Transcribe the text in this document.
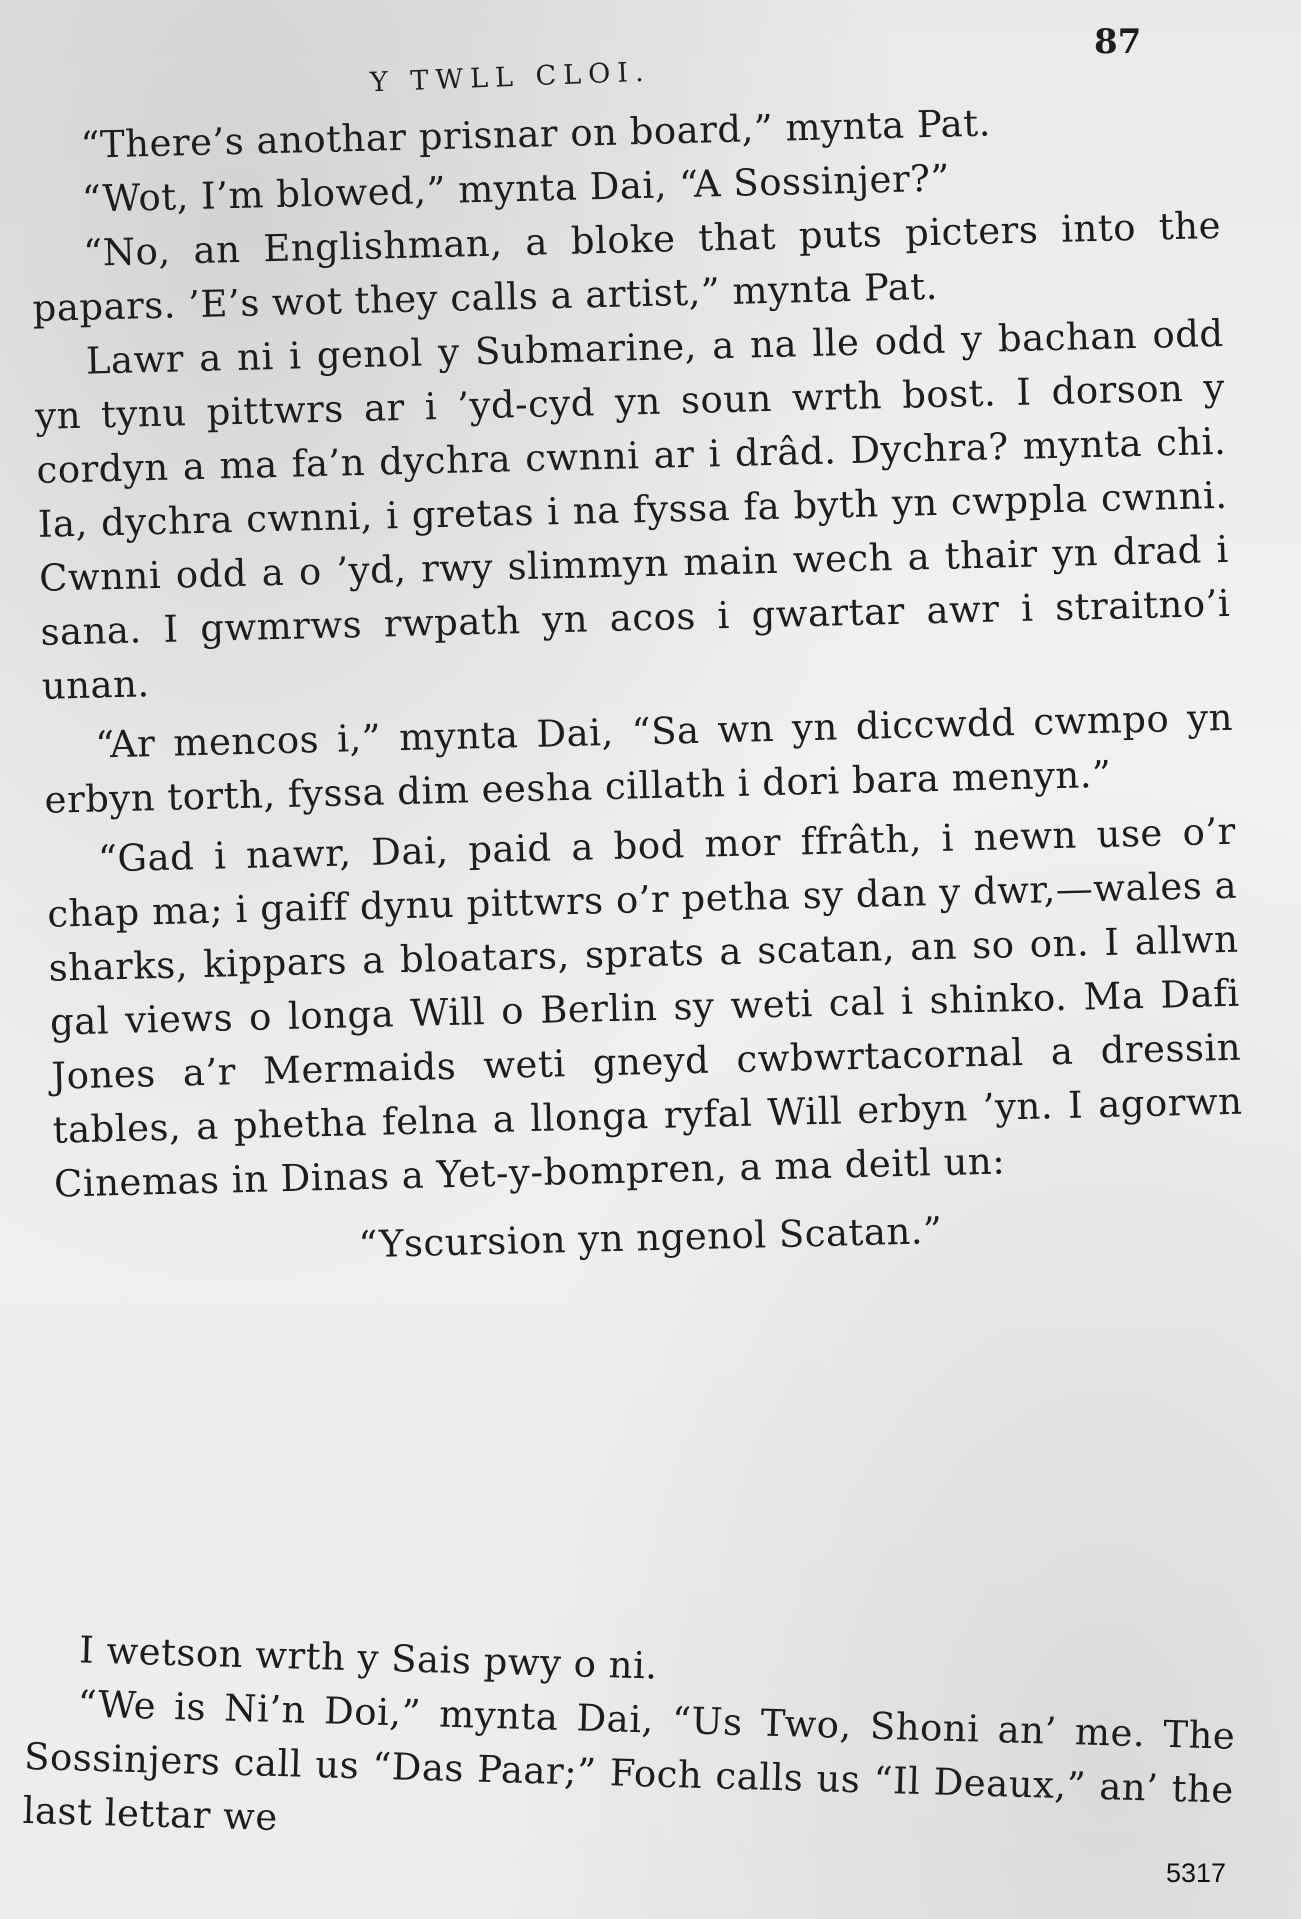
87
Y TWLL CLOI.

“There’s anothar prisnar on board,” mynta Pat.

“Wot, I’m blowed,” mynta Dai, “A Sossinjer?”

“No, an Englishman, a bloke that puts picters into the papars. ’E’s wot they calls a artist,” mynta Pat.

Lawr a ni i genol y Submarine, a na lle odd y bachan odd yn tynu pittwrs ar i ’yd-cyd yn soun wrth bost. I dorson y cordyn a ma fa’n dychra cwnni ar i drâd. Dychra? mynta chi. Ia, dychra cwnni, i gretas i na fyssa fa byth yn cwppla cwnni. Cwnni odd a o ’yd, rwy slimmyn main wech a thair yn drad i sana. I gwmrws rwpath yn acos i gwartar awr i straitno’i unan.

“Ar mencos i,” mynta Dai, “Sa wn yn diccwdd cwmpo yn erbyn torth, fyssa dim eesha cillath i dori bara menyn.”

“Gad i nawr, Dai, paid a bod mor ffrâth, i newn use o’r chap ma; i gaiff dynu pittwrs o’r petha sy dan y dwr,—wales a sharks, kippars a bloatars, sprats a scatan, an so on. I allwn gal views o longa Will o Berlin sy weti cal i shinko. Ma Dafi Jones a’r Mermaids weti gneyd cwbwrtacornal a dressin tables, a phetha felna a llonga ryfal Will erbyn ’yn. I agorwn Cinemas in Dinas a Yet-y-bompren, a ma deitl un:

“Yscursion yn ngenol Scatan.”

I wetson wrth y Sais pwy o ni.

“We is Ni’n Doi,” mynta Dai, “Us Two, Shoni an’ me. The Sossinjers call us “Das Paar;” Foch calls us “Il Deaux,” an’ the last lettar we

5317
